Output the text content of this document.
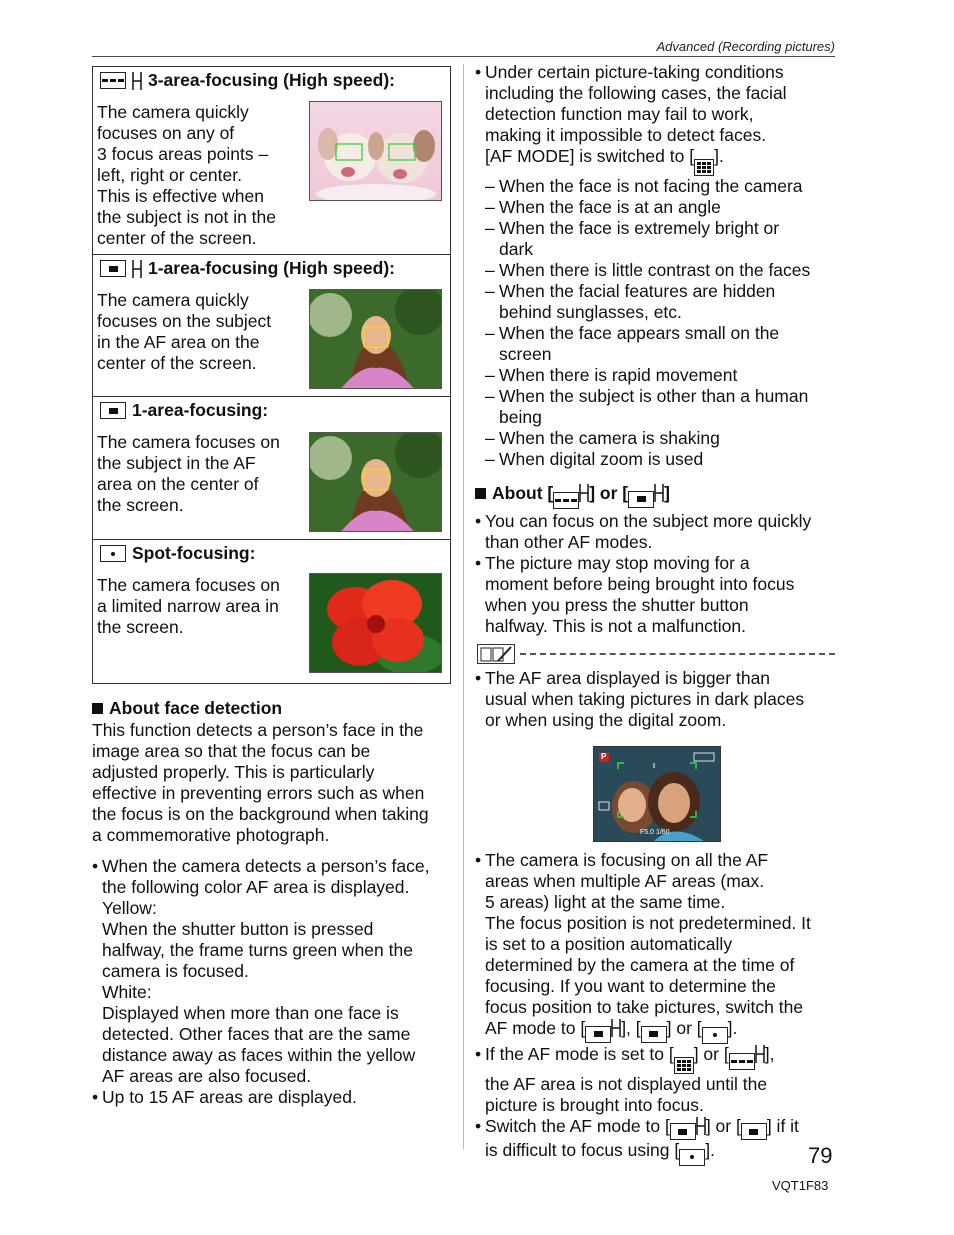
Advanced (Recording pictures)
3-area-focusing (High speed):
The camera quickly
focuses on any of
3 focus areas points –
left, right or center.
This is effective when
the subject is not in the
center of the screen.
1-area-focusing (High speed):
The camera quickly
focuses on the subject
in the AF area on the
center of the screen.
1-area-focusing:
The camera focuses on
the subject in the AF
area on the center of
the screen.
Spot-focusing:
The camera focuses on
a limited narrow area in
the screen.
About face detection
This function detects a person’s face in the
image area so that the focus can be
adjusted properly. This is particularly
effective in preventing errors such as when
the focus is on the background when taking
a commemorative photograph.
• When the camera detects a person’s face,
the following color AF area is displayed.
Yellow:
When the shutter button is pressed
halfway, the frame turns green when the
camera is focused.
White:
Displayed when more than one face is
detected. Other faces that are the same
distance away as faces within the yellow
AF areas are also focused.
• Up to 15 AF areas are displayed.
• Under certain picture-taking conditions
including the following cases, the facial
detection function may fail to work,
making it impossible to detect faces.
[AF MODE] is switched to [ ].
– When the face is not facing the camera
– When the face is at an angle
– When the face is extremely bright or
dark
– When there is little contrast on the faces
– When the facial features are hidden
behind sunglasses, etc.
– When the face appears small on the
screen
– When there is rapid movement
– When the subject is other than a human
being
– When the camera is shaking
– When digital zoom is used
About [ ] or [ ]
• You can focus on the subject more quickly
than other AF modes.
• The picture may stop moving for a
moment before being brought into focus
when you press the shutter button
halfway. This is not a malfunction.
• The AF area displayed is bigger than
usual when taking pictures in dark places
or when using the digital zoom.
P
F5.0 1/60
• The camera is focusing on all the AF
areas when multiple AF areas (max.
5 areas) light at the same time.
The focus position is not predetermined. It
is set to a position automatically
determined by the camera at the time of
focusing. If you want to determine the
focus position to take pictures, switch the
AF mode to [ ], [ ] or [ ].
• If the AF mode is set to [ ] or [ ],
the AF area is not displayed until the
picture is brought into focus.
• Switch the AF mode to [ ] or [ ] if it
is difficult to focus using [ ].	79
VQT1F83
